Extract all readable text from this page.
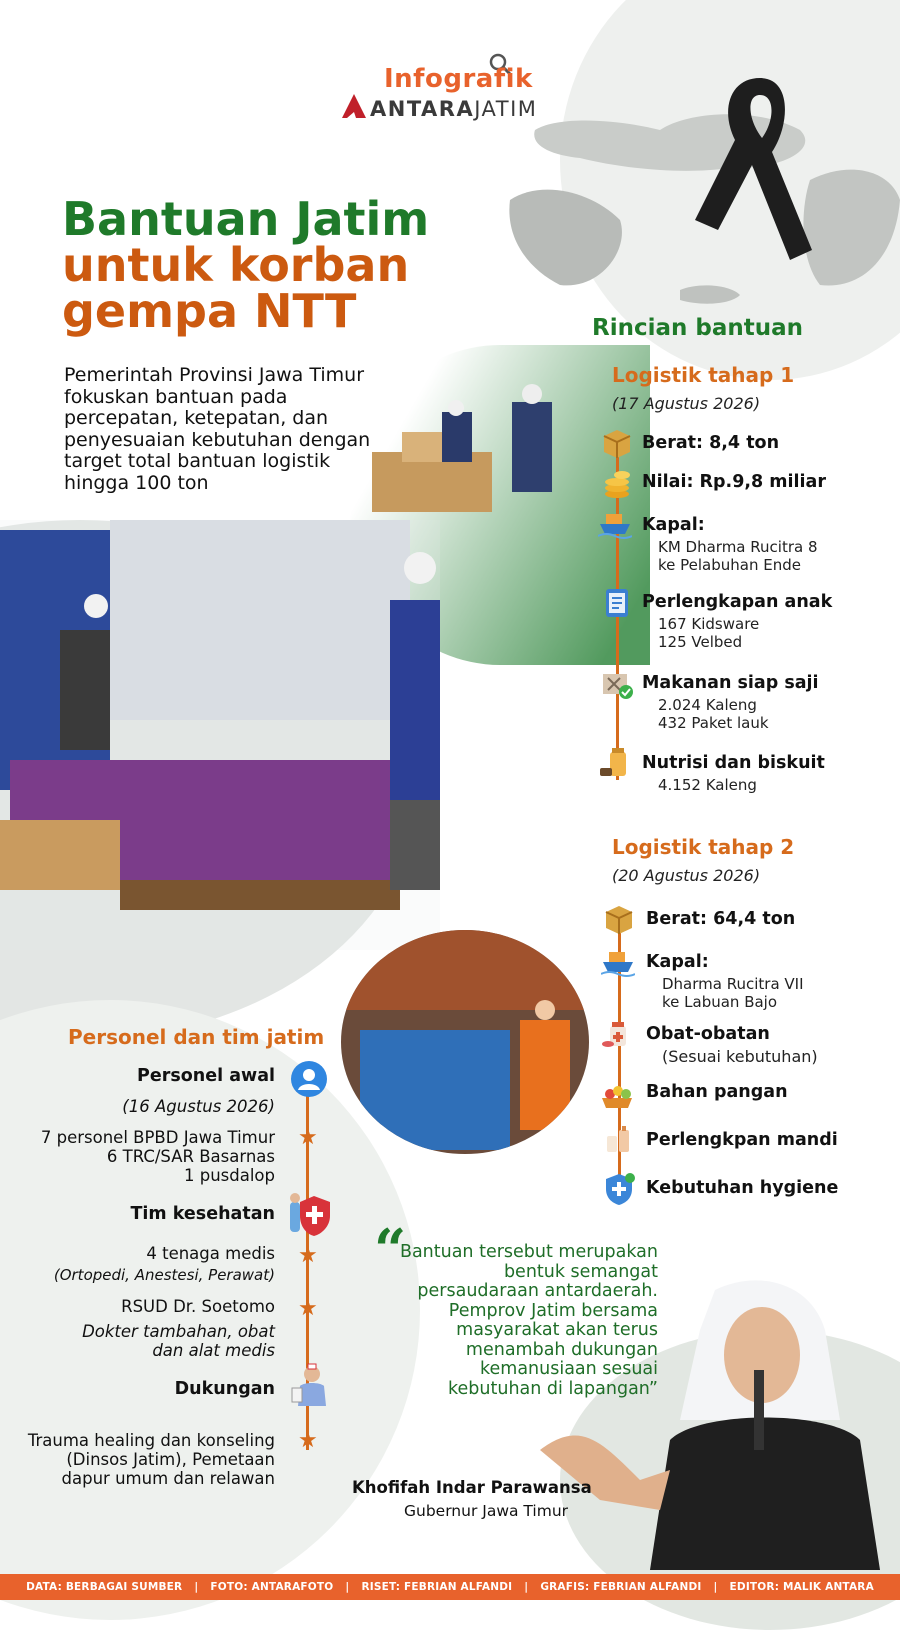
Infografik
ANTARAJATIM
Bantuan Jatim
untuk korban
gempa NTT
Pemerintah Provinsi Jawa Timur fokuskan bantuan pada percepatan, ketepatan, dan penyesuaian kebutuhan dengan target total bantuan logistik hingga 100 ton
Rincian bantuan
Logistik tahap 1
(17 Agustus 2026)
Berat: 8,4 ton
Nilai: Rp.9,8 miliar
Kapal:
KM Dharma Rucitra 8
ke Pelabuhan Ende
Perlengkapan anak
167 Kidsware
125 Velbed
Makanan siap saji
2.024 Kaleng
432 Paket lauk
Nutrisi dan biskuit
4.152 Kaleng
Logistik tahap 2
(20 Agustus 2026)
Berat: 64,4 ton
Kapal:
Dharma Rucitra VII
ke Labuan Bajo
Obat-obatan
(Sesuai kebutuhan)
Bahan pangan
Perlengkpan mandi
Kebutuhan hygiene
Personel dan tim jatim
Personel awal
(16 Agustus 2026)
★
7 personel BPBD Jawa Timur
6 TRC/SAR Basarnas
1 pusdalop
Tim kesehatan
★
4 tenaga medis
(Ortopedi, Anestesi, Perawat)
★
RSUD Dr. Soetomo
Dokter tambahan, obat
dan alat medis
Dukungan
★
Trauma healing dan konseling
(Dinsos Jatim), Pemetaan
dapur umum dan relawan
“
Bantuan tersebut merupakan
bentuk semangat
persaudaraan antardaerah.
Pemprov Jatim bersama
masyarakat akan terus
menambah dukungan
kemanusiaan sesuai
kebutuhan di lapangan”
Khofifah Indar Parawansa
Gubernur Jawa Timur
DATA: BERBAGAI SUMBER | FOTO: ANTARAFOTO | RISET: FEBRIAN ALFANDI | GRAFIS: FEBRIAN ALFANDI | EDITOR: MALIK ANTARA
